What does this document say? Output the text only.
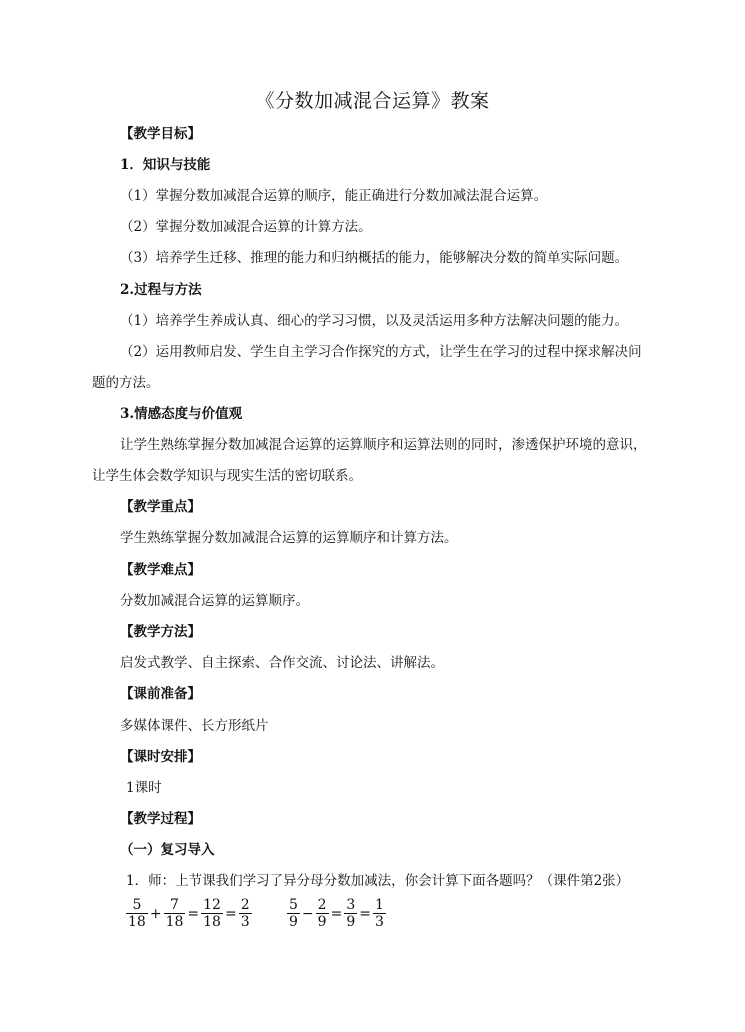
《分数加减混合运算》教案
【教学目标】
1．知识与技能
（1）掌握分数加减混合运算的顺序，能正确进行分数加减法混合运算。
（2）掌握分数加减混合运算的计算方法。
（3）培养学生迁移、推理的能力和归纳概括的能力，能够解决分数的简单实际问题。
2.过程与方法
（1）培养学生养成认真、细心的学习习惯，以及灵活运用多种方法解决问题的能力。
（2）运用教师启发、学生自主学习合作探究的方式，让学生在学习的过程中探求解决问
题的方法。
3.情感态度与价值观
让学生熟练掌握分数加减混合运算的运算顺序和运算法则的同时，渗透保护环境的意识，
让学生体会数学知识与现实生活的密切联系。
【教学重点】
学生熟练掌握分数加减混合运算的运算顺序和计算方法。
【教学难点】
分数加减混合运算的运算顺序。
【教学方法】
启发式教学、自主探索、合作交流、讨论法、讲解法。
【课前准备】
多媒体课件、长方形纸片
【课时安排】
1课时
【教学过程】
（一）复习导入
1．师：上节课我们学习了异分母分数加减法，你会计算下面各题吗？（课件第2张）
$\frac{5}{18} + \frac{7}{18} = \frac{12}{18} = \frac{2}{3}$	$\frac{5}{9} - \frac{2}{9} = \frac{3}{9} = \frac{1}{3}$
